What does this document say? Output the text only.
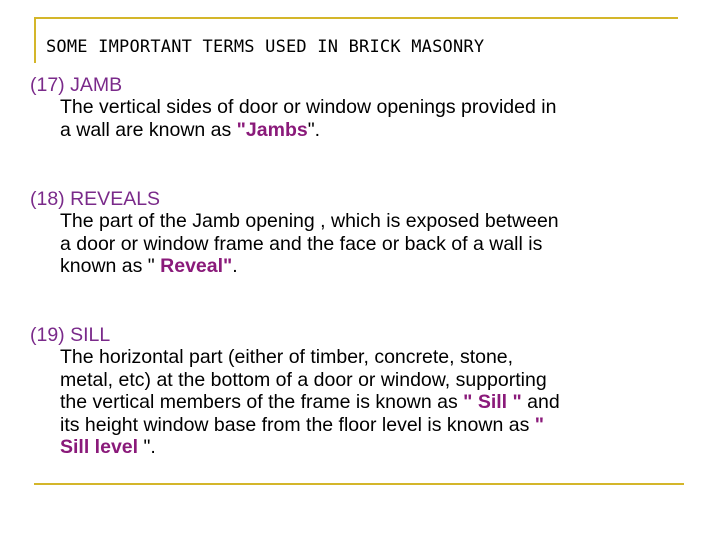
SOME IMPORTANT TERMS USED IN BRICK MASONRY
(17) JAMB
The vertical sides of door or window openings provided in
a wall are known as "Jambs".
(18) REVEALS
The part of the Jamb opening , which is exposed between
a door or window frame and the face or back of a wall is
known as " Reveal".
(19) SILL
The horizontal part (either of timber, concrete, stone,
metal, etc) at the bottom of a door or window, supporting
the vertical members of the frame is known as " Sill " and
its height window base from the floor level is known as "
Sill level ".
